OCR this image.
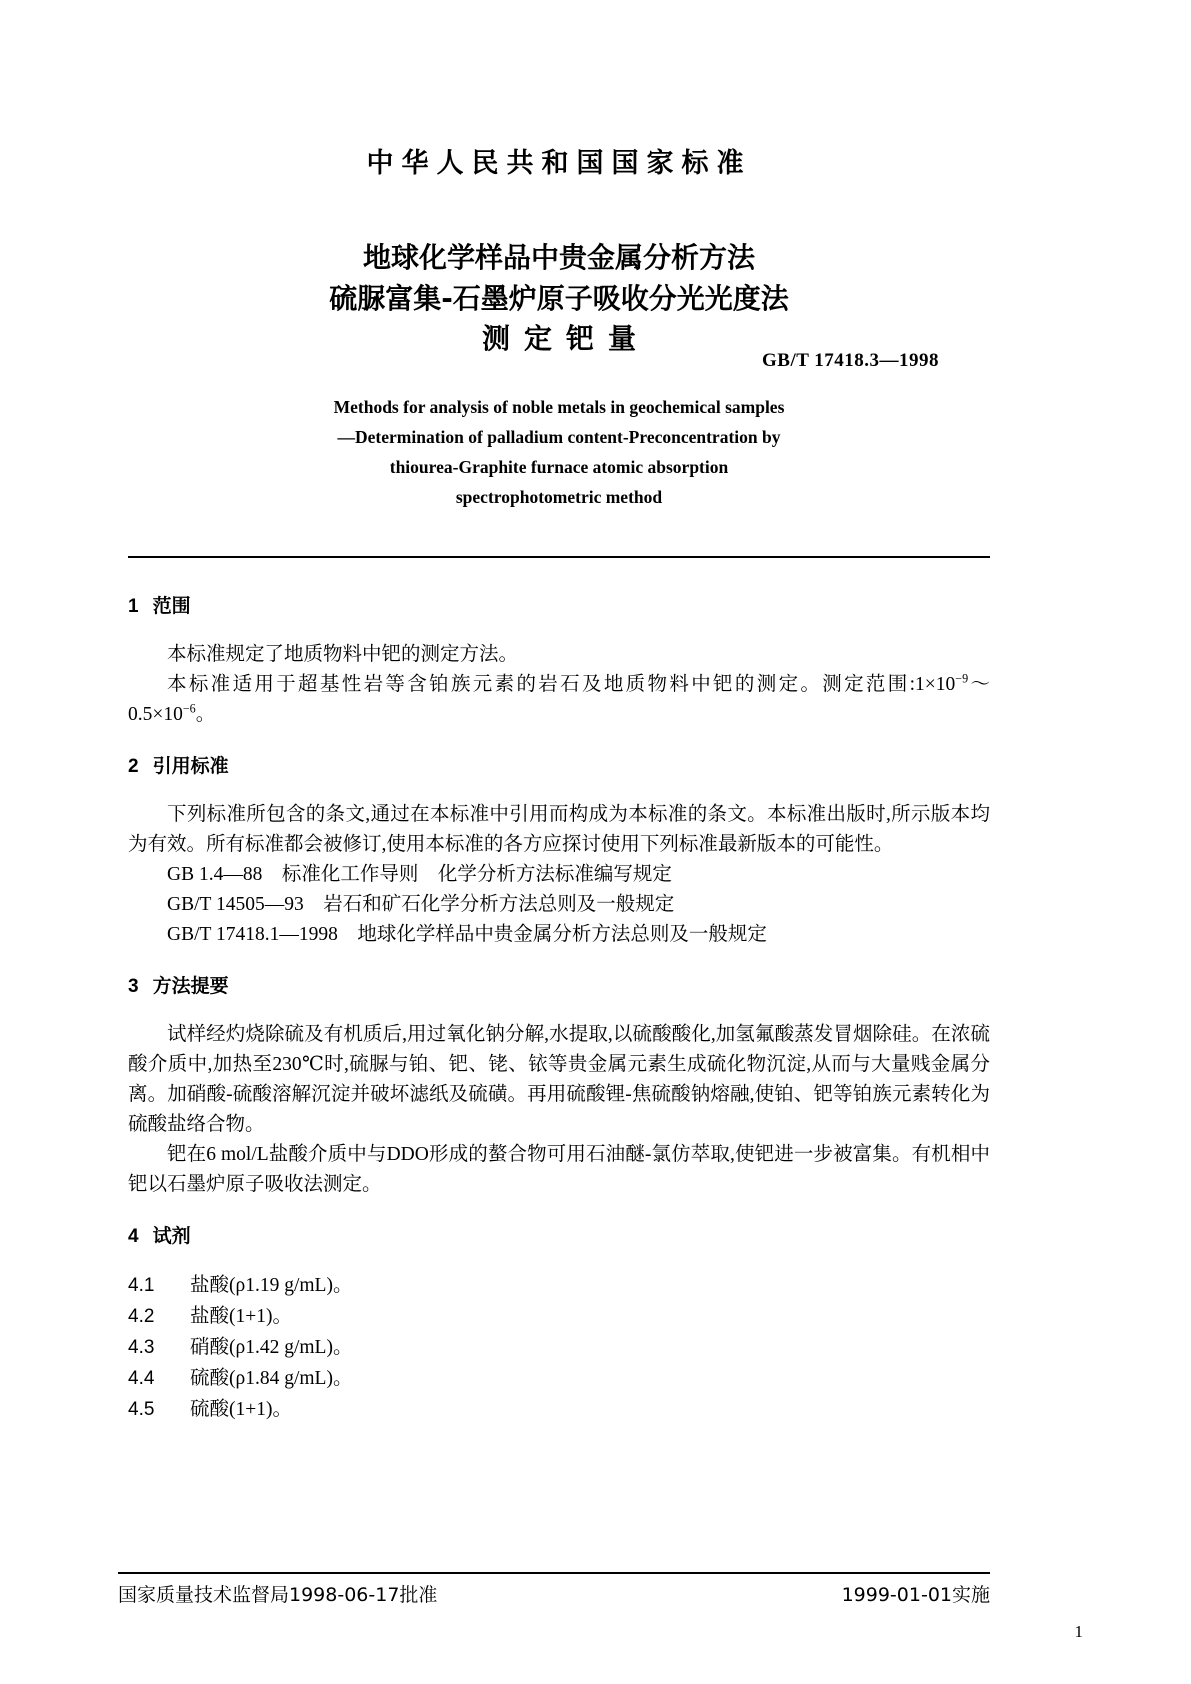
中华人民共和国国家标准
地球化学样品中贵金属分析方法
硫脲富集-石墨炉原子吸收分光光度法
测定钯量
GB/T 17418.3—1998
Methods for analysis of noble metals in geochemical samples
—Determination of palladium content-Preconcentration by
thiourea-Graphite furnace atomic absorption
spectrophotometric method
1 范围

本标准规定了地质物料中钯的测定方法。

本标准适用于超基性岩等含铂族元素的岩石及地质物料中钯的测定。测定范围$:1\times 10^{-9}\sim 0.5\times 10^{-6}$。

2 引用标准

下列标准所包含的条文,通过在本标准中引用而构成为本标准的条文。本标准出版时,所示版本均为有效。所有标准都会被修订,使用本标准的各方应探讨使用下列标准最新版本的可能性。

GB 1.4—88　标准化工作导则　化学分析方法标准编写规定

GB/T 14505—93　岩石和矿石化学分析方法总则及一般规定

GB/T 17418.1—1998　地球化学样品中贵金属分析方法总则及一般规定

3 方法提要

试样经灼烧除硫及有机质后,用过氧化钠分解,水提取,以硫酸酸化,加氢氟酸蒸发冒烟除硅。在浓硫酸介质中,加热至230℃时,硫脲与铂、钯、铑、铱等贵金属元素生成硫化物沉淀,从而与大量贱金属分离。加硝酸-硫酸溶解沉淀并破坏滤纸及硫磺。再用硫酸锂-焦硫酸钠熔融,使铂、钯等铂族元素转化为硫酸盐络合物。

钯在6 mol/L盐酸介质中与DDO形成的螯合物可用石油醚-氯仿萃取,使钯进一步被富集。有机相中钯以石墨炉原子吸收法测定。

4 试剂

4.1 盐酸(ρ1.19 g/mL)。

4.2 盐酸(1+1)。

4.3 硝酸(ρ1.42 g/mL)。

4.4 硫酸(ρ1.84 g/mL)。

4.5 硫酸(1+1)。

国家质量技术监督局1998-06-17批准	1999-01-01实施
1
